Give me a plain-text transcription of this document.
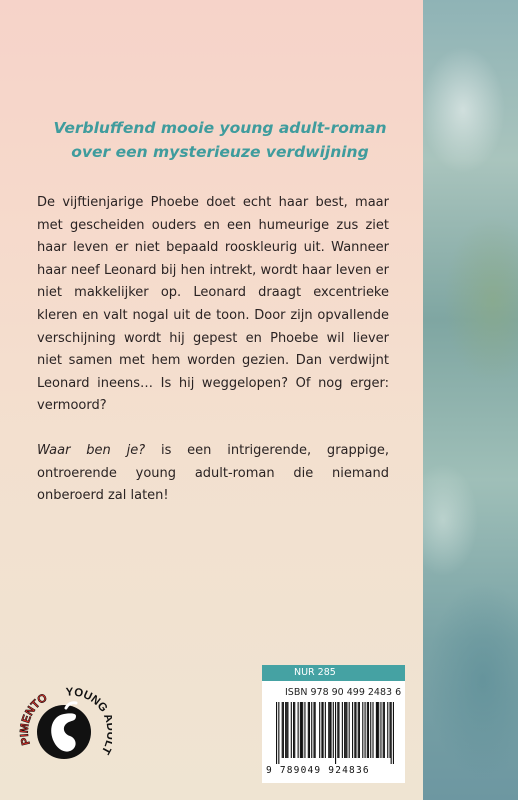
Verbluffend mooie young adult-roman
over een mysterieuze verdwijning
De vijftienjarige Phoebe doet echt haar best, maar met gescheiden ouders en een humeurige zus ziet haar leven er niet bepaald rooskleurig uit. Wanneer haar neef Leonard bij hen intrekt, wordt haar leven er niet makkelijker op. Leonard draagt excentrieke kleren en valt nogal uit de toon. Door zijn opvallende verschijning wordt hij gepest en Phoebe wil liever niet samen met hem worden gezien. Dan verdwijnt Leonard ineens… Is hij weggelopen? Of nog erger: vermoord?
Waar ben je? is een intrigerende, grappige, ontroerende young adult-roman die niemand onberoerd zal laten!
PIMENTO YOUNG T
NUR 285
ISBN 978 90 499 2483 6
9 789049 924836
